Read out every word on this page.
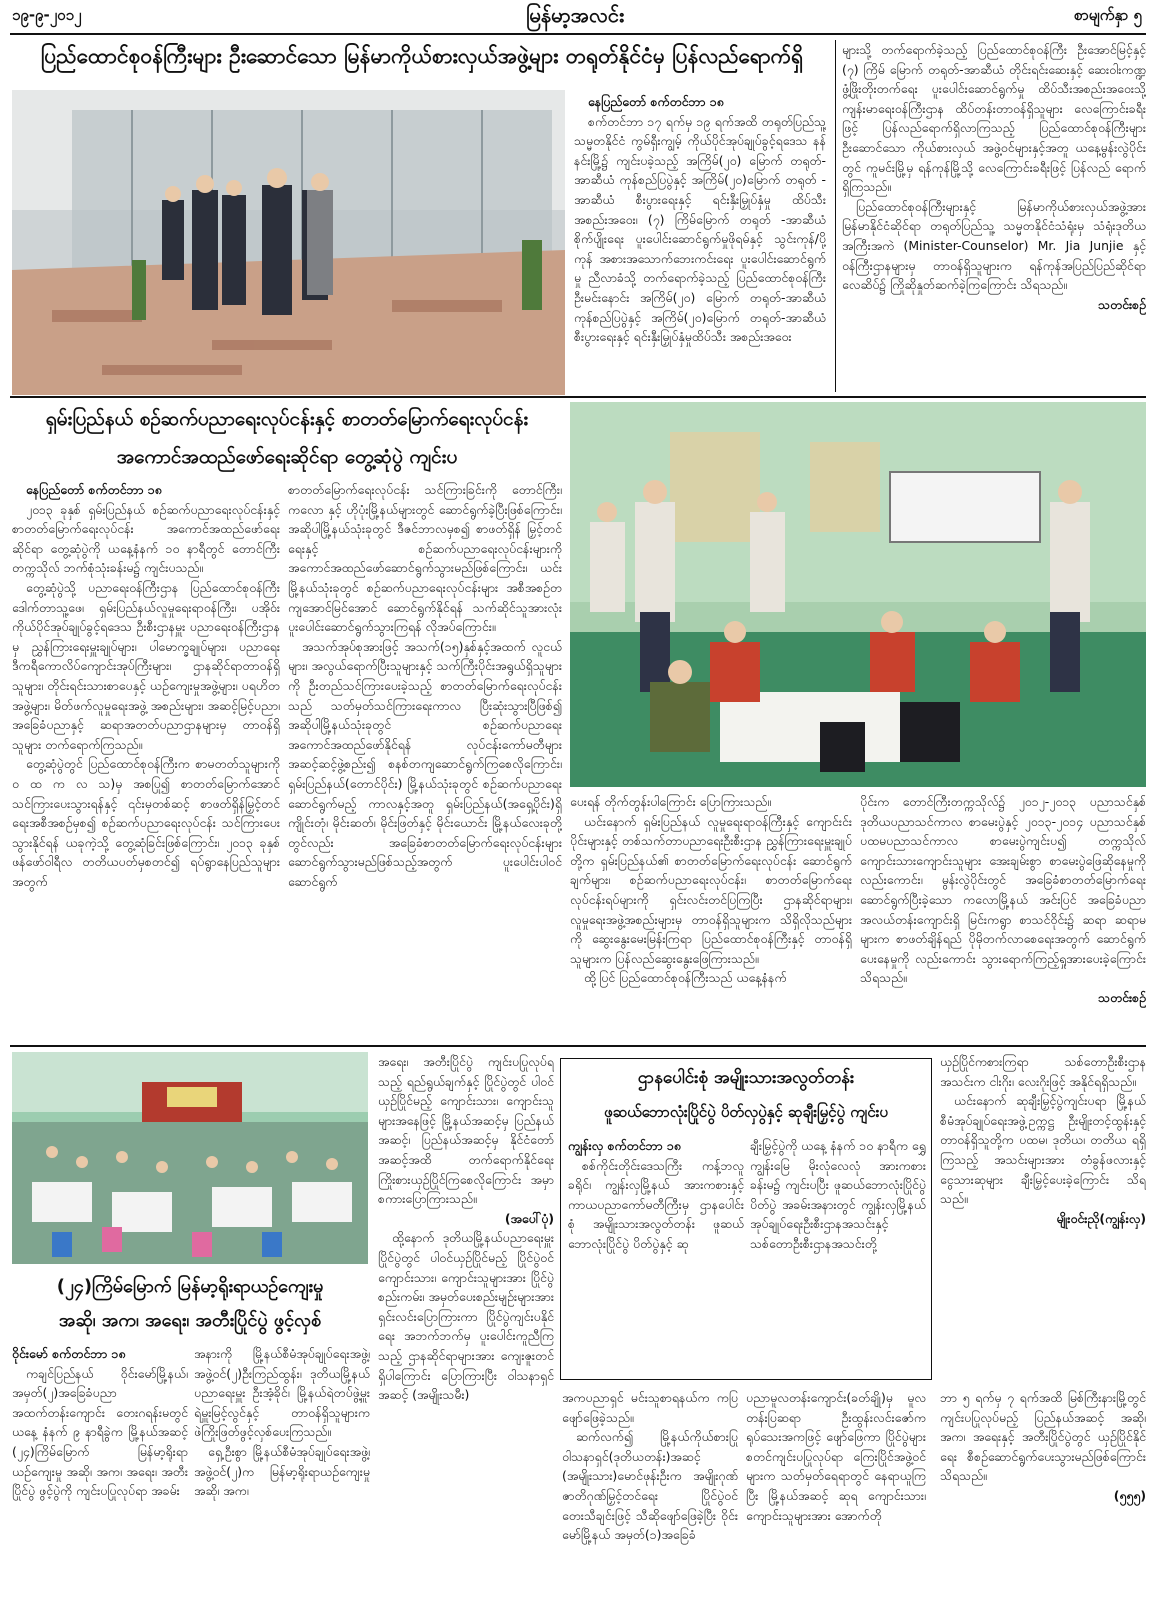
၁၉-၉-၂၀၁၂	မြန်မာ့အလင်း	စာမျက်နှာ ၅
ပြည်ထောင်စုဝန်ကြီးများ ဦးဆောင်သော မြန်မာကိုယ်စားလှယ်အဖွဲ့များ တရုတ်နိုင်ငံမှ ပြန်လည်ရောက်ရှိ
နေပြည်တော် စက်တင်ဘာ ၁၈

စက်တင်ဘာ ၁၇ ရက်မှ ၁၉ ရက်အထိ တရုတ်ပြည်သူ့သမ္မတနိုင်ငံ ကွမ်ရှီးကျွမ့် ကိုယ်ပိုင်အုပ်ချုပ်ခွင့်ရဒေသ နန်နင်းမြို့၌ ကျင်းပခဲ့သည့် အကြိမ်(၂၀) မြောက် တရုတ်-အာဆီယံ ကုန်စည်ပြပွဲနှင့် အကြိမ်(၂၀)မြောက် တရုတ် - အာဆီယံ စီးပွားရေးနှင့် ရင်းနှီးမြှုပ်နှံမှု ထိပ်သီးအစည်းအဝေး၊ (၇) ကြိမ်မြောက် တရုတ် -အာဆီယံ စိုက်ပျိုးရေး ပူးပေါင်းဆောင်ရွက်မှုဖိုရမ်နှင့် သွင်းကုန်/ပို့ကုန် အစားအသောက်ဘေးကင်းရေး ပူးပေါင်းဆောင်ရွက်မှု ညီလာခံသို့ တက်ရောက်ခဲ့သည့် ပြည်ထောင်စုဝန်ကြီး ဦးမင်းနောင်း အကြိမ်(၂၀) မြောက် တရုတ်-အာဆီယံ ကုန်စည်ပြပွဲနှင့် အကြိမ်(၂၀)မြောက် တရုတ်-အာဆီယံ စီးပွားရေးနှင့် ရင်းနှီးမြှုပ်နှံမှုထိပ်သီး အစည်းအဝေး

များသို့ တက်ရောက်ခဲ့သည့် ပြည်ထောင်စုဝန်ကြီး ဦးအောင်မြင့်နှင့် (၇) ကြိမ် မြောက် တရုတ်-အာဆီယံ တိုင်းရင်းဆေးနှင့် ဆေးဝါးကဏ္ဍဖွံ့ဖြိုးတိုးတက်ရေး ပူးပေါင်းဆောင်ရွက်မှု ထိပ်သီးအစည်းအဝေးသို့ ကျန်းမာရေးဝန်ကြီးဌာန ထိပ်တန်းတာဝန်ရှိသူများ လေကြောင်းခရီးဖြင့် ပြန်လည်ရောက်ရှိလာကြသည့် ပြည်ထောင်စုဝန်ကြီးများ ဦးဆောင်သော ကိုယ်စားလှယ် အဖွဲ့ဝင်များနှင့်အတူ ယနေ့မွန်းလွဲပိုင်းတွင် ကူမင်းမြို့မှ ရန်ကုန်မြို့သို့ လေကြောင်းခရီးဖြင့် ပြန်လည် ရောက်ရှိကြသည်။

ပြည်ထောင်စုဝန်ကြီးများနှင့် မြန်မာကိုယ်စားလှယ်အဖွဲ့အား မြန်မာနိုင်ငံဆိုင်ရာ တရုတ်ပြည်သူ့ သမ္မတနိုင်ငံသံရုံးမှ သံရုံးဒုတိယအကြီးအကဲ (Minister-Counselor) Mr. Jia Junjie နှင့် ဝန်ကြီးဌာနများမှ တာဝန်ရှိသူများက ရန်ကုန်အပြည်ပြည်ဆိုင်ရာလေဆိပ်၌ ကြိုဆိုနှုတ်ဆက်ခဲ့ကြကြောင်း သိရသည်။

သတင်းစဉ်
ရှမ်းပြည်နယ် စဉ်ဆက်ပညာရေးလုပ်ငန်းနှင့် စာတတ်မြောက်ရေးလုပ်ငန်း
အကောင်အထည်ဖော်ရေးဆိုင်ရာ တွေ့ဆုံပွဲ ကျင်းပ
နေပြည်တော် စက်တင်ဘာ ၁၈

၂၀၁၃ ခုနှစ် ရှမ်းပြည်နယ် စဉ်ဆက်ပညာရေးလုပ်ငန်းနှင့် စာတတ်မြောက်ရေးလုပ်ငန်း အကောင်အထည်ဖော်ရေးဆိုင်ရာ တွေ့ဆုံပွဲကို ယနေ့နံနက် ၁၀ နာရီတွင် တောင်ကြီးတက္ကသိုလ် ဘက်စုံသုံးခန်းမ၌ ကျင်းပသည်။

တွေ့ဆုံပွဲသို့ ပညာရေးဝန်ကြီးဌာန ပြည်ထောင်စုဝန်ကြီး ဒေါက်တာသူ့ဖေ၊ ရှမ်းပြည်နယ်လူမှုရေးရာဝန်ကြီး၊ ပအိုဝ်းကိုယ်ပိုင်အုပ်ချုပ်ခွင့်ရဒေသ ဦးစီးဌာနမှူး ပညာရေးဝန်ကြီးဌာနမှ ညွှန်ကြားရေးမှူးချုပ်များ၊ ပါမောက္ခချုပ်များ၊ ပညာရေးဒီကရီကောလိပ်ကျောင်းအုပ်ကြီးများ၊ ဌာနဆိုင်ရာတာဝန်ရှိသူများ၊ တိုင်းရင်းသားစာပေနှင့် ယဉ်ကျေးမှုအဖွဲ့များ၊ ပရဟိတအဖွဲ့များ၊ မိတ်ဖက်လူမှုရေးအဖွဲ့ အစည်းများ၊ အဆင့်မြင့်ပညာ၊ အခြေခံပညာနှင့် ဆရာအတတ်ပညာဌာနများမှ တာဝန်ရှိသူများ တက်ရောက်ကြသည်။

တွေ့ဆုံပွဲတွင် ပြည်ထောင်စုဝန်ကြီးက စာမတတ်သူများကို ၀ ထ က လ သ)မှ အစပြု၍ စာတတ်မြောက်အောင် သင်ကြားပေးသွားရန်နှင့် ၎င်းမှတစ်ဆင့် စာဖတ်ရှိန်မြှင့်တင်ရေးအစီအစဉ်မှစ၍ စဉ်ဆက်ပညာရေးလုပ်ငန်း သင်ကြားပေးသွားနိုင်ရန် ယခုကဲ့သို့ တွေ့ဆုံခြင်းဖြစ်ကြောင်း၊ ၂၀၁၃ ခုနှစ် ဖန်ဖော်ဝါရီလ တတိယပတ်မှစတင်၍ ရပ်ရွာနေပြည်သူများအတွက်

စာတတ်မြောက်ရေးလုပ်ငန်း သင်ကြားခြင်းကို တောင်ကြီး၊ ကလော နှင့် ဟိုပုံးမြို့နယ်များတွင် ဆောင်ရွက်ခဲ့ပြီးဖြစ်ကြောင်း၊ အဆိုပါမြို့နယ်သုံးခုတွင် ဒီဇင်ဘာလမှစ၍ စာဖတ်ရှိန် မြှင့်တင်ရေးနှင့် စဉ်ဆက်ပညာရေးလုပ်ငန်းများကို အကောင်အထည်ဖော်ဆောင်ရွက်သွားမည်ဖြစ်ကြောင်း၊ ယင်းမြို့နယ်သုံးခုတွင် စဉ်ဆက်ပညာရေးလုပ်ငန်းများ အစီအစဉ်တကျအောင်မြင်အောင် ဆောင်ရွက်နိုင်ရန် သက်ဆိုင်သူအားလုံး ပူးပေါင်းဆောင်ရွက်သွားကြရန် လိုအပ်ကြောင်း။

အသက်အုပ်စုအားဖြင့် အသက်(၁၅)နှစ်နှင့်အထက် လူငယ်များ၊ အလွယ်ရောက်ပြီးသူများနှင့် သက်ကြီးပိုင်းအရွယ်ရှိသူများကို ဦးတည်သင်ကြားပေးခဲ့သည့် စာတတ်မြောက်ရေးလုပ်ငန်းသည် သတ်မှတ်သင်ကြားရေးကာလ ပြီးဆုံးသွားပြီဖြစ်၍ အဆိုပါမြို့နယ်သုံးခုတွင် စဉ်ဆက်ပညာရေး အကောင်အထည်ဖော်နိုင်ရန် လုပ်ငန်းကော်မတီများ အဆင့်ဆင့်ဖွဲ့စည်း၍ စနစ်တကျဆောင်ရွက်ကြစေလိုကြောင်း၊ ရှမ်းပြည်နယ်(တောင်ပိုင်း) မြို့နယ်သုံးခုတွင် စဉ်ဆက်ပညာရေး ဆောင်ရွက်မည့် ကာလနှင့်အတူ ရှမ်းပြည်နယ်(အရှေ့ပိုင်း)ရှိ ကျိုင်းတုံ၊ မိုင်းဆတ်၊ မိုင်းဖြတ်နှင့် မိုင်းယောင်း မြို့နယ်လေးခုတို့တွင်လည်း အခြေခံစာတတ်မြောက်ရေးလုပ်ငန်းများ ဆောင်ရွက်သွားမည်ဖြစ်သည့်အတွက် ပူးပေါင်းပါဝင်ဆောင်ရွက်

ပေးရန် တိုက်တွန်းပါကြောင်း ပြောကြားသည်။

ယင်းနောက် ရှမ်းပြည်နယ် လူမှုရေးရာဝန်ကြီးနှင့် ကျောင်းင်းပိုင်းများနှင့် တစ်သက်တာပညာရေးဦးစီးဌာန ညွှန်ကြားရေးမှူးချုပ်တို့က ရှမ်းပြည်နယ်၏ စာတတ်မြောက်ရေးလုပ်ငန်း ဆောင်ရွက်ချက်များ၊ စဉ်ဆက်ပညာရေးလုပ်ငန်း၊ စာတတ်မြောက်ရေးလုပ်ငန်းရပ်များကို ရှင်းလင်းတင်ပြကြပြီး ဌာနဆိုင်ရာများ၊ လူမှုရေးအဖွဲ့အစည်းများမှ တာဝန်ရှိသူများက သိရှိလိုသည်များကို ဆွေးနွေးမေးမြန်းကြရာ ပြည်ထောင်စုဝန်ကြီးနှင့် တာဝန်ရှိသူများက ပြန်လည်ဆွေးနွေးဖြေကြားသည်။

ထို့ပြင် ပြည်ထောင်စုဝန်ကြီးသည် ယနေ့နံနက်

ပိုင်းက တောင်ကြီးတက္ကသိုလ်၌ ၂၀၁၂-၂၀၁၃ ပညာသင်နှစ် ဒုတိယပညာသင်ကာလ စာမေးပွဲနှင့် ၂၀၁၃-၂၀၁၄ ပညာသင်နှစ် ပထမပညာသင်ကာလ စာမေးပွဲကျင်းပ၍ တက္ကသိုလ်ကျောင်းသားကျောင်းသူများ အေးချမ်းစွာ စာမေးပွဲဖြေဆိုနေမှုကို လည်းကောင်း၊ မွန်းလွဲပိုင်းတွင် အခြေခံစာတတ်မြောက်ရေး ဆောင်ရွက်ပြီးခဲ့သော ကလောမြို့နယ် အင်းပြင် အခြေခံပညာ အလယ်တန်းကျောင်းရှိ မြင်းကရွာ စာသင်ဝိုင်း၌ ဆရာ ဆရာမများက စာဖတ်ချိန်ရည် ပိုမိုတက်လာစေရေးအတွက် ဆောင်ရွက်ပေးနေမှုကို လည်းကောင်း သွားရောက်ကြည့်ရှုအားပေးခဲ့ကြောင်း သိရသည်။

သတင်းစဉ်
(၂၄)ကြိမ်မြောက် မြန်မာ့ရိုးရာယဉ်ကျေးမှု
အဆို၊ အက၊ အရေး၊ အတီးပြိုင်ပွဲ ဖွင့်လှစ်

အရေး၊ အတီးပြိုင်ပွဲ ကျင်းပပြုလုပ်ရသည့် ရည်ရွယ်ချက်နှင့် ပြိုင်ပွဲတွင် ပါဝင်ယှဉ်ပြိုင်မည့် ကျောင်းသား၊ ကျောင်းသူများအနေဖြင့် မြို့နယ်အဆင့်မှ ပြည်နယ်အဆင့်၊ ပြည်နယ်အဆင့်မှ နိုင်ငံတော်အဆင့်အထိ တက်ရောက်နိုင်ရေး ကြိုးစားယှဉ်ပြိုင်ကြစေလိုကြောင်း အမှာစကားပြောကြားသည်။

(အပေါ်ပုံ)

ထို့နောက် ဒုတိယမြို့နယ်ပညာရေးမှူး ပြိုင်ပွဲတွင် ပါဝင်ယှဉ်ပြိုင်မည့် ပြိုင်ပွဲဝင် ကျောင်းသား၊ ကျောင်းသူများအား ပြိုင်ပွဲ စည်းကမ်း၊ အမှတ်ပေးစည်းမျဉ်းများအား ရှင်းလင်းပြောကြားကာ ပြိုင်ပွဲကျင်းပနိုင်ရေး အဘက်ဘက်မှ ပူးပေါင်းကူညီကြသည့် ဌာနဆိုင်ရာများအား ကျေးဇူးတင်ရှိပါကြောင်း ပြောကြားပြီး ဝါသနာရှင်အဆင့် (အမျိုးသမီး)

ဝိုင်းမော် စက်တင်ဘာ ၁၈

ကချင်ပြည်နယ် ဝိုင်းမော်မြို့နယ်၊ အမှတ်(၂)အခြေခံပညာ အထက်တန်းကျောင်း တေးဂရန်းမတွင် ယနေ့ နံနက် ၉ နာရီခွဲက မြို့နယ်အဆင့် (၂၄)ကြိမ်မြောက် မြန်မာ့ရိုးရာယဉ်ကျေးမှု အဆို၊ အက၊ အရေး၊ အတီးပြိုင်ပွဲ ဖွင့်ပွဲကို ကျင်းပပြုလုပ်ရာ အခမ်း

အနားကို မြို့နယ်စီမံအုပ်ချုပ်ရေးအဖွဲ့၊ အဖွဲ့ဝင်(၂)ဦးကြည်ထွန်း၊ ဒုတိယမြို့နယ်ပညာရေးမှူး ဦးအံ့ခိုင်၊ မြို့နယ်ရဲတပ်ဖွဲ့မှူး ရဲမှူးမြင့်လွင်နှင့် တာဝန်ရှိသူများက ဖဲကြိုးဖြတ်ဖွင့်လှစ်ပေးကြသည်။

ရှေ့ဦးစွာ မြို့နယ်စီမံအုပ်ချုပ်ရေးအဖွဲ့၊ အဖွဲ့ဝင်(၂)က မြန်မာ့ရိုးရာယဉ်ကျေးမှု အဆို၊ အက၊

ဌာနပေါင်းစုံ အမျိုးသားအလွတ်တန်း
ဖူဆယ်ဘောလုံးပြိုင်ပွဲ ပိတ်လှပွဲနှင့် ဆုချီးမြှင့်ပွဲ ကျင်းပ
ကျွန်းလှ စက်တင်ဘာ ၁၈

စစ်ကိုင်းတိုင်းဒေသကြီး ကန့်ဘလူခရိုင်၊ ကျွန်းလှမြို့နယ် အားကစားနှင့် ကာယပညာကော်မတီကြီးမှ ဌာနပေါင်းစုံ အမျိုးသားအလွတ်တန်း ဖူဆယ်ဘောလုံးပြိုင်ပွဲ ပိတ်ပွဲနှင့် ဆု

ချီးမြှင့်ပွဲကို ယနေ့ နံနက် ၁၀ နာရီက ရွှေကျွန်းမြေ မိုးလုံလေလုံ အားကစားခန်းမ၌ ကျင်းပပြီး ဖူဆယ်ဘောလုံးပြိုင်ပွဲ ပိတ်ပွဲ အခမ်းအနားတွင် ကျွန်းလှမြို့နယ် အုပ်ချုပ်ရေးဦးစီးဌာနအသင်းနှင့် သစ်တောဦးစီးဌာနအသင်းတို့

ယှဉ်ပြိုင်ကစားကြရာ သစ်တောဦးစီးဌာနအသင်းက ငါးဂိုး၊ လေးဂိုးဖြင့် အနိုင်ရရှိသည်။

ယင်းနောက် ဆုချီးမြှင့်ပွဲကျင်းပရာ မြို့နယ်စီမံအုပ်ချုပ်ရေးအဖွဲ့ဥက္ကဋ္ဌ ဦးမျိုးတင့်ထွန်းနှင့် တာဝန်ရှိသူတို့က ပထမ၊ ဒုတိယ၊ တတိယ ရရှိကြသည့် အသင်းများအား တံခွန်ဖလားနှင့် ငွေသားဆုများ ချီးမြှင့်ပေးခဲ့ကြောင်း သိရသည်။

မျိုးဝင်းညို(ကျွန်းလှ)

အကပညာရှင် မင်းသူစာရနယ်က ကပြဖျော်ဖြေခဲ့သည်။

ဆက်လက်၍ မြို့နယ်ကိုယ်စားပြု ဝါသနာရှင်(ဒုတိယတန်း)အဆင့် (အမျိုးသား)မောင်ဖုန်းဦးက အမျိုးဂုဏ်ဇာတိဂုဏ်မြှင့်တင်ရေး ပြိုင်ပွဲဝင် တေးသီချင်းဖြင့် သီဆိုဖျော်ဖြေခဲ့ပြီး ဝိုင်းမော်မြို့နယ် အမှတ်(၁)အခြေခံ

ပညာမူလတန်းကျောင်း(ခတ်ချို)မှ မူလတန်းပြဆရာ ဦးထွန်းလင်းဇော်က ရုပ်သေးအကဖြင့် ဖျော်ဖြေကာ ပြိုင်ပွဲများ စတင်ကျင်းပပြုလုပ်ရာ ကြေးပြိုင်အဖွဲ့ဝင်များက သတ်မှတ်ရေရာတွင် နေရာယူကြပြီး မြို့နယ်အဆင့် ဆုရ ကျောင်းသား၊ ကျောင်းသူများအား အောက်တို

ဘာ ၅ ရက်မှ ၇ ရက်အထိ မြစ်ကြီးနားမြို့တွင် ကျင်းပပြုလုပ်မည့် ပြည်နယ်အဆင့် အဆို၊ အက၊ အရေးနှင့် အတီးပြိုင်ပွဲတွင် ယှဉ်ပြိုင်နိုင်ရေး စီစဉ်ဆောင်ရွက်ပေးသွားမည်ဖြစ်ကြောင်း သိရသည်။

(၅၅၅)
